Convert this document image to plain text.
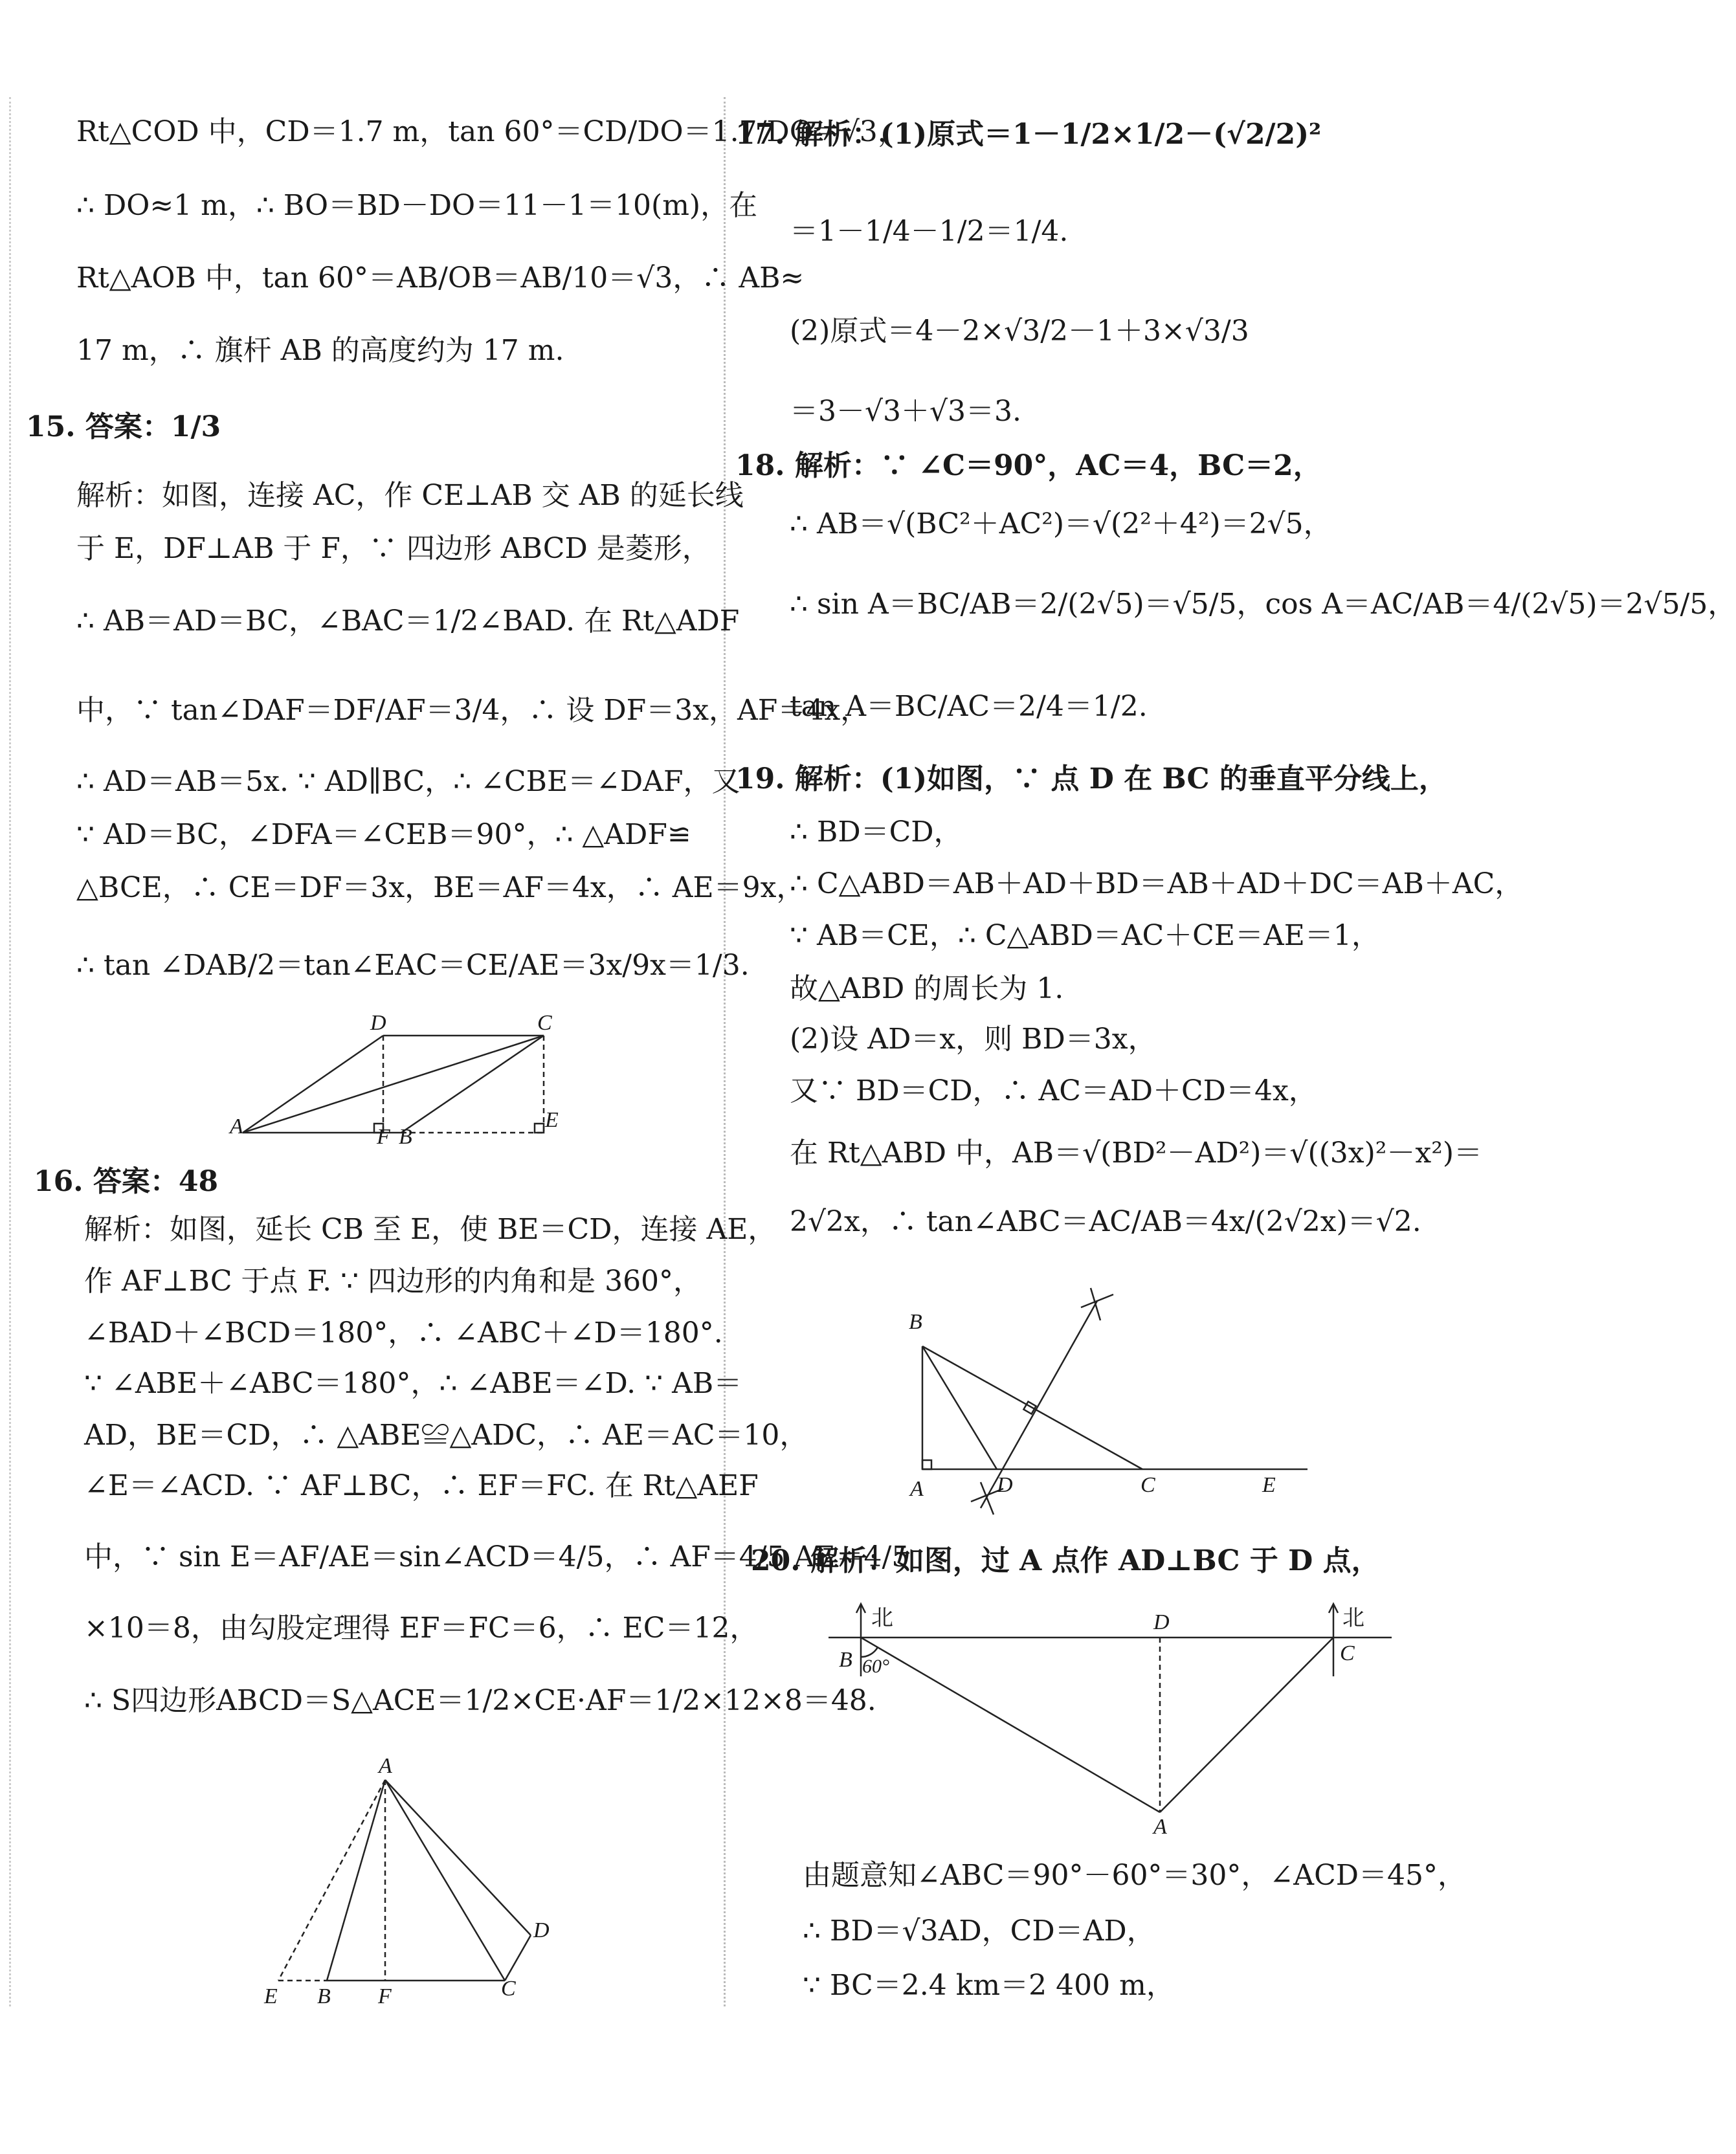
Rt△COD 中，CD＝1.7 m，tan 60°＝CD/DO＝1.7/DO＝√3，
∴ DO≈1 m，∴ BO＝BD－DO＝11－1＝10(m)，在
Rt△AOB 中，tan 60°＝AB/OB＝AB/10＝√3，∴ AB≈
17 m，∴ 旗杆 AB 的高度约为 17 m.
15. 答案：1/3
解析：如图，连接 AC，作 CE⊥AB 交 AB 的延长线
于 E，DF⊥AB 于 F，∵ 四边形 ABCD 是菱形，
∴ AB＝AD＝BC，∠BAC＝1/2∠BAD. 在 Rt△ADF
中，∵ tan∠DAF＝DF/AF＝3/4，∴ 设 DF＝3x，AF＝4x，
∴ AD＝AB＝5x. ∵ AD∥BC，∴ ∠CBE＝∠DAF，又
∵ AD＝BC，∠DFA＝∠CEB＝90°，∴ △ADF≌
△BCE，∴ CE＝DF＝3x，BE＝AF＝4x，∴ AE＝9x，
∴ tan ∠DAB/2＝tan∠EAC＝CE/AE＝3x/9x＝1/3.
D	C
A	F B
E
16. 答案：48
解析：如图，延长 CB 至 E，使 BE＝CD，连接 AE，
作 AF⊥BC 于点 F. ∵ 四边形的内角和是 360°，
∠BAD＋∠BCD＝180°，∴ ∠ABC＋∠D＝180°.
∵ ∠ABE＋∠ABC＝180°，∴ ∠ABE＝∠D. ∵ AB＝
AD，BE＝CD，∴ △ABE≌△ADC，∴ AE＝AC＝10，
∠E＝∠ACD. ∵ AF⊥BC，∴ EF＝FC. 在 Rt△AEF
中，∵ sin E＝AF/AE＝sin∠ACD＝4/5，∴ AF＝4/5 AE＝4/5
×10＝8，由勾股定理得 EF＝FC＝6，∴ EC＝12，
∴ S四边形ABCD＝S△ACE＝1/2×CE·AF＝1/2×12×8＝48.
A
D
E B F	C
17. 解析：(1)原式＝1－1/2×1/2－(√2/2)²
＝1－1/4－1/2＝1/4.
(2)原式＝4－2×√3/2－1＋3×√3/3
＝3－√3＋√3＝3.
18. 解析：∵ ∠C＝90°，AC＝4，BC＝2，
∴ AB＝√(BC²＋AC²)＝√(2²＋4²)＝2√5，
∴ sin A＝BC/AB＝2/(2√5)＝√5/5，cos A＝AC/AB＝4/(2√5)＝2√5/5，
tan A＝BC/AC＝2/4＝1/2.
19. 解析：(1)如图，∵ 点 D 在 BC 的垂直平分线上，
∴ BD＝CD，
∴ C△ABD＝AB＋AD＋BD＝AB＋AD＋DC＝AB＋AC，
∵ AB＝CE，∴ C△ABD＝AC＋CE＝AE＝1，
故△ABD 的周长为 1.
(2)设 AD＝x，则 BD＝3x，
又∵ BD＝CD，∴ AC＝AD＋CD＝4x，
在 Rt△ABD 中，AB＝√(BD²－AD²)＝√((3x)²－x²)＝
2√2x，∴ tan∠ABC＝AC/AB＝4x/(2√2x)＝√2.
B
A	D	C	E
20. 解析：如图，过 A 点作 AD⊥BC 于 D 点，
北	北
B 60°
D
C
A
由题意知∠ABC＝90°－60°＝30°，∠ACD＝45°，
∴ BD＝√3AD，CD＝AD，
∵ BC＝2.4 km＝2 400 m，
